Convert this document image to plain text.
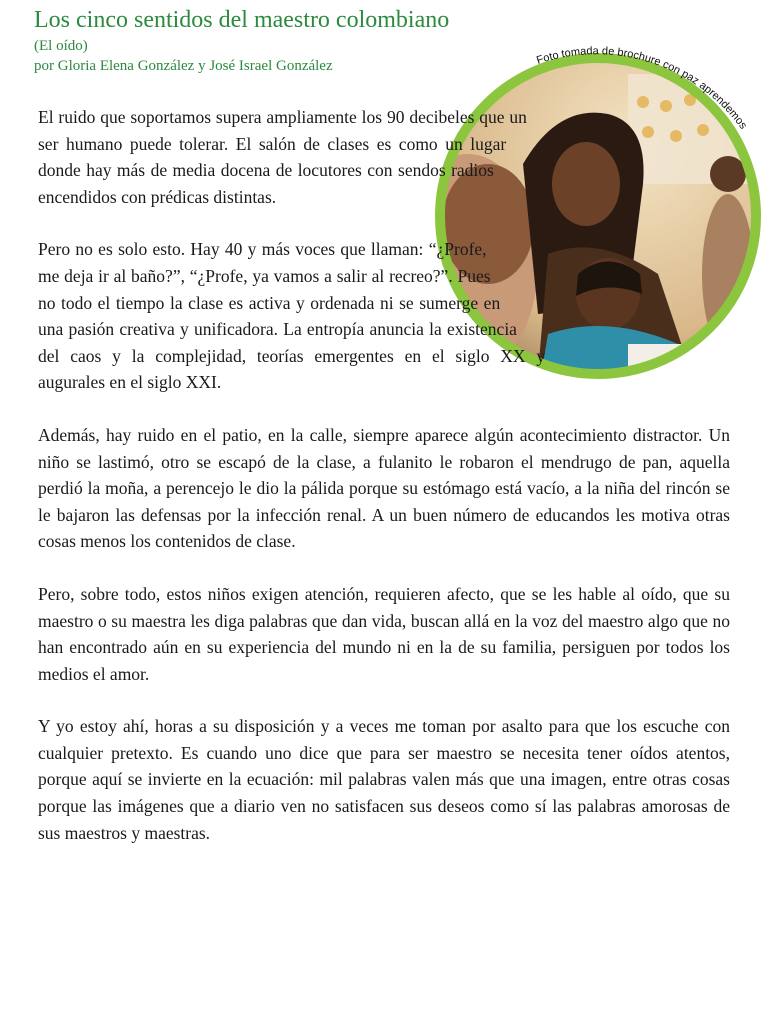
Los cinco sentidos del maestro colombiano
(El oído)
por Gloria Elena González y José Israel González	Foto tomada de brochure con paz aprendemos

El ruido que soportamos supera ampliamente los 90 decibeles que un ser humano puede tolerar. El salón de clases es como un lugar donde hay más de media docena de locutores con sendos radios encendidos con prédicas distintas.

Pero no es solo esto. Hay 40 y más voces que llaman: “¿Profe, me deja ir al baño?”, “¿Profe, ya vamos a salir al recreo?”. Pues no todo el tiempo la clase es activa y ordenada ni se sumerge en una pasión creativa y unificadora. La entropía anuncia la existencia del caos y la complejidad, teorías emergentes en el siglo XX y augurales en el siglo XXI.

Además, hay ruido en el patio, en la calle, siempre aparece algún acontecimiento distractor. Un niño se lastimó, otro se escapó de la clase, a fulanito le robaron el mendrugo de pan, aquella perdió la moña, a perencejo le dio la pálida porque su estómago está vacío, a la niña del rincón se le bajaron las defensas por la infección renal. A un buen número de educandos les motiva otras cosas menos los contenidos de clase.

Pero, sobre todo, estos niños exigen atención, requieren afecto, que se les hable al oído, que su maestro o su maestra les diga palabras que dan vida, buscan allá en la voz del maestro algo que no han encontrado aún en su experiencia del mundo ni en la de su familia, persiguen por todos los medios el amor.

Y yo estoy ahí, horas a su disposición y a veces me toman por asalto para que los escuche con cualquier pretexto. Es cuando uno dice que para ser maestro se necesita tener oídos atentos, porque aquí se invierte en la ecuación: mil palabras valen más que una imagen, entre otras cosas porque las imágenes que a diario ven no satisfacen sus deseos como sí las palabras amorosas de sus maestros y maestras.
